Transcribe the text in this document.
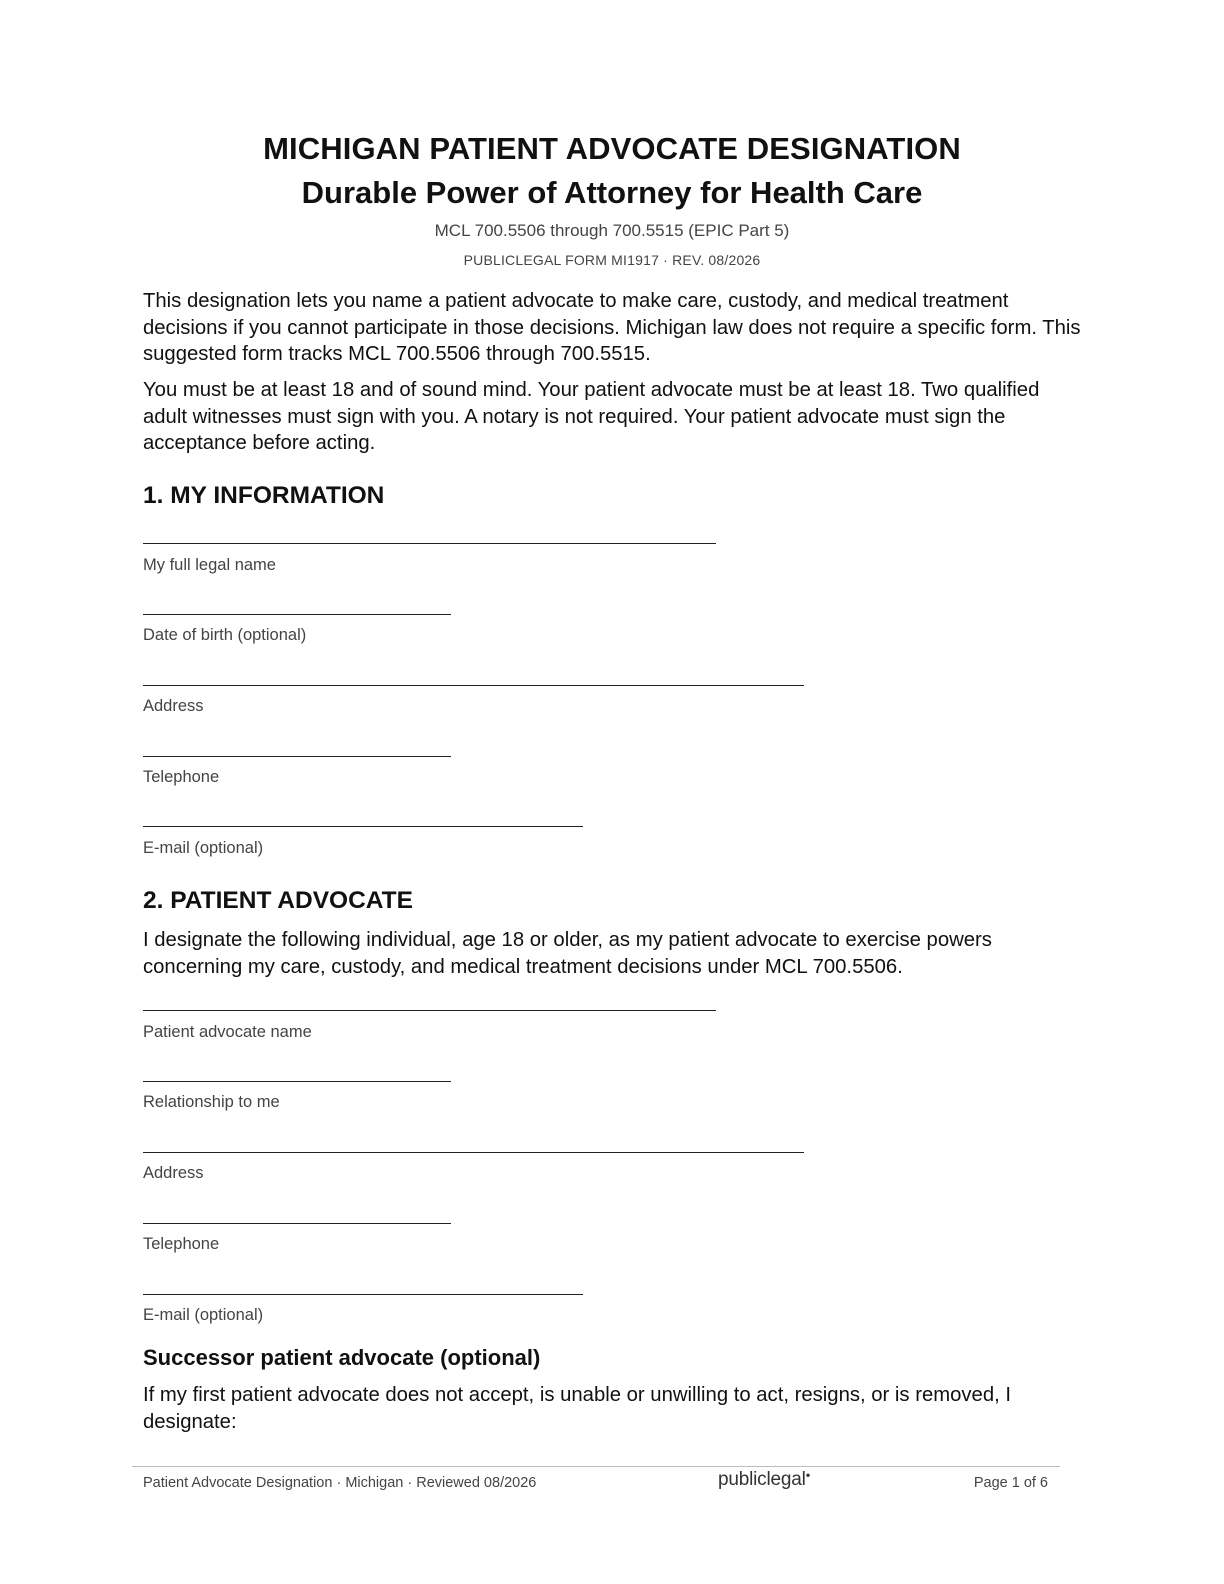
MICHIGAN PATIENT ADVOCATE DESIGNATION
Durable Power of Attorney for Health Care
MCL 700.5506 through 700.5515 (EPIC Part 5)
PUBLICLEGAL FORM MI1917 · REV. 08/2026

This designation lets you name a patient advocate to make care, custody, and medical treatment decisions if you cannot participate in those decisions. Michigan law does not require a specific form. This suggested form tracks MCL 700.5506 through 700.5515.

You must be at least 18 and of sound mind. Your patient advocate must be at least 18. Two qualified adult witnesses must sign with you. A notary is not required. Your patient advocate must sign the acceptance before acting.

1. MY INFORMATION
My full legal name
Date of birth (optional)
Address
Telephone
E-mail (optional)
2. PATIENT ADVOCATE

I designate the following individual, age 18 or older, as my patient advocate to exercise powers concerning my care, custody, and medical treatment decisions under MCL 700.5506.

Patient advocate name
Relationship to me
Address
Telephone
E-mail (optional)
Successor patient advocate (optional)

If my first patient advocate does not accept, is unable or unwilling to act, resigns, or is removed, I designate:

Patient Advocate Designation · Michigan · Reviewed 08/2026	publiclegal●	Page 1 of 6
